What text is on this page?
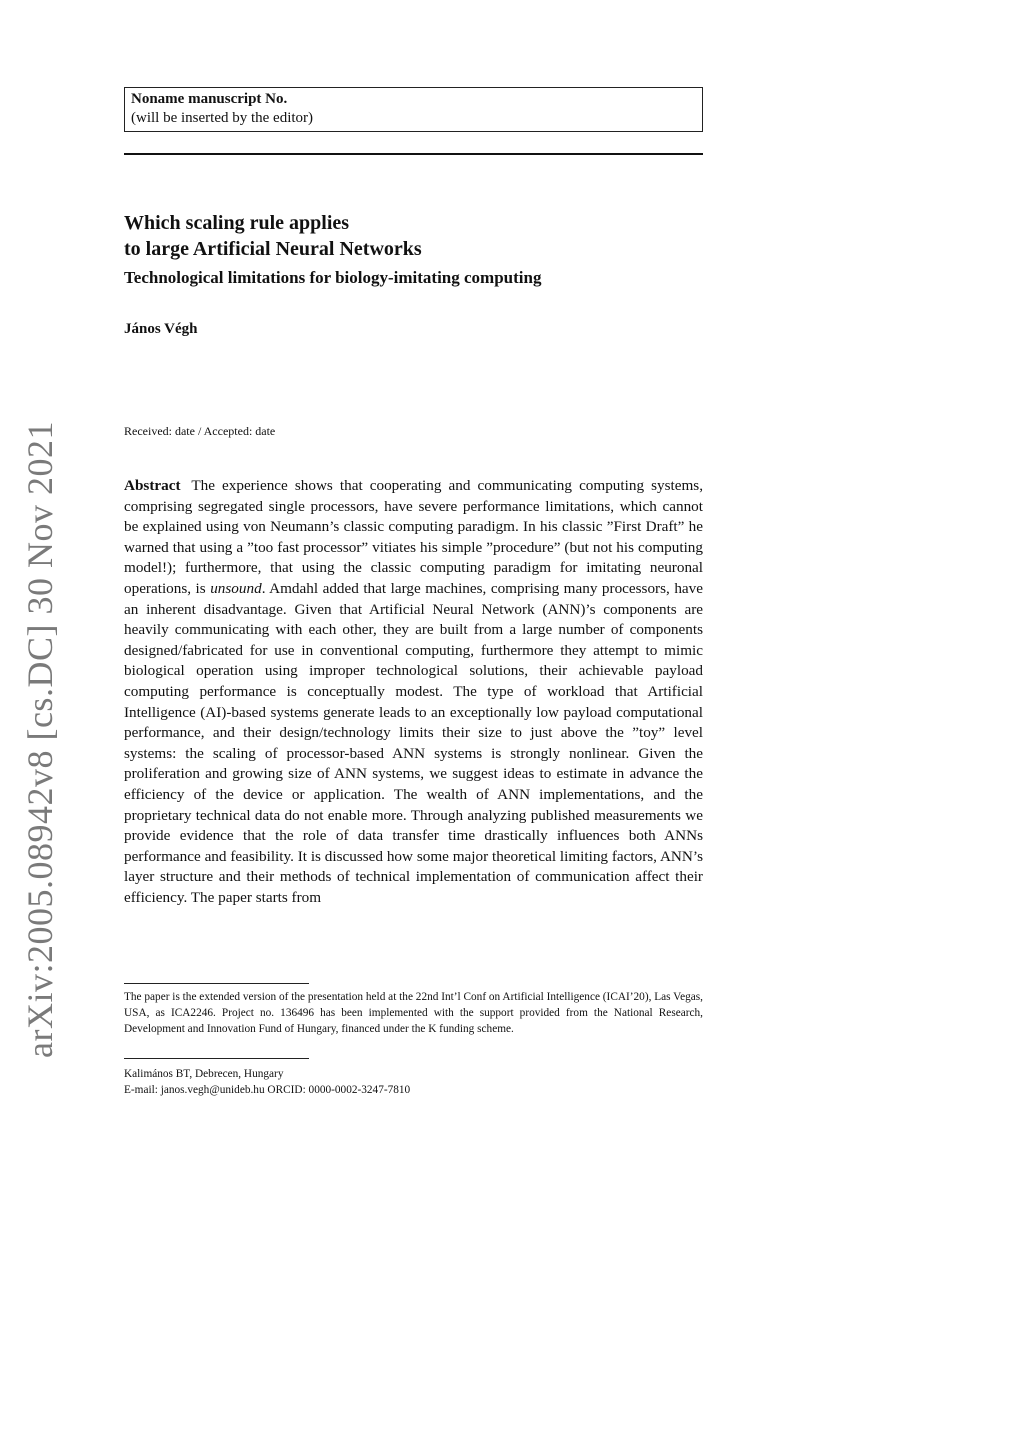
arXiv:2005.08942v8 [cs.DC] 30 Nov 2021
Noname manuscript No.
(will be inserted by the editor)
Which scaling rule applies
to large Artificial Neural Networks
Technological limitations for biology-imitating computing
János Végh
Received: date / Accepted: date
Abstract The experience shows that cooperating and communicating computing systems, comprising segregated single processors, have severe performance limitations, which cannot be explained using von Neumann’s classic computing paradigm. In his classic ”First Draft” he warned that using a ”too fast processor” vitiates his simple ”procedure” (but not his computing model!); furthermore, that using the classic computing paradigm for imitating neuronal operations, is unsound. Amdahl added that large machines, comprising many processors, have an inherent disadvantage. Given that Artificial Neural Network (ANN)’s components are heavily communicating with each other, they are built from a large number of components designed/fabricated for use in conventional computing, furthermore they attempt to mimic biological operation using improper technological solutions, their achievable payload computing performance is conceptually modest. The type of workload that Artificial Intelligence (AI)-based systems generate leads to an exceptionally low payload computational performance, and their design/technology limits their size to just above the ”toy” level systems: the scaling of processor-based ANN systems is strongly nonlinear. Given the proliferation and growing size of ANN systems, we suggest ideas to estimate in advance the efficiency of the device or application. The wealth of ANN implementations, and the proprietary technical data do not enable more. Through analyzing published measurements we provide evidence that the role of data transfer time drastically influences both ANNs performance and feasibility. It is discussed how some major theoretical limiting factors, ANN’s layer structure and their methods of technical implementation of communication affect their efficiency. The paper starts from
The paper is the extended version of the presentation held at the 22nd Int’l Conf on Artificial Intelligence (ICAI’20), Las Vegas, USA, as ICA2246. Project no. 136496 has been implemented with the support provided from the National Research, Development and Innovation Fund of Hungary, financed under the K funding scheme.
Kalimános BT, Debrecen, Hungary
E-mail: janos.vegh@unideb.hu ORCID: 0000-0002-3247-7810
